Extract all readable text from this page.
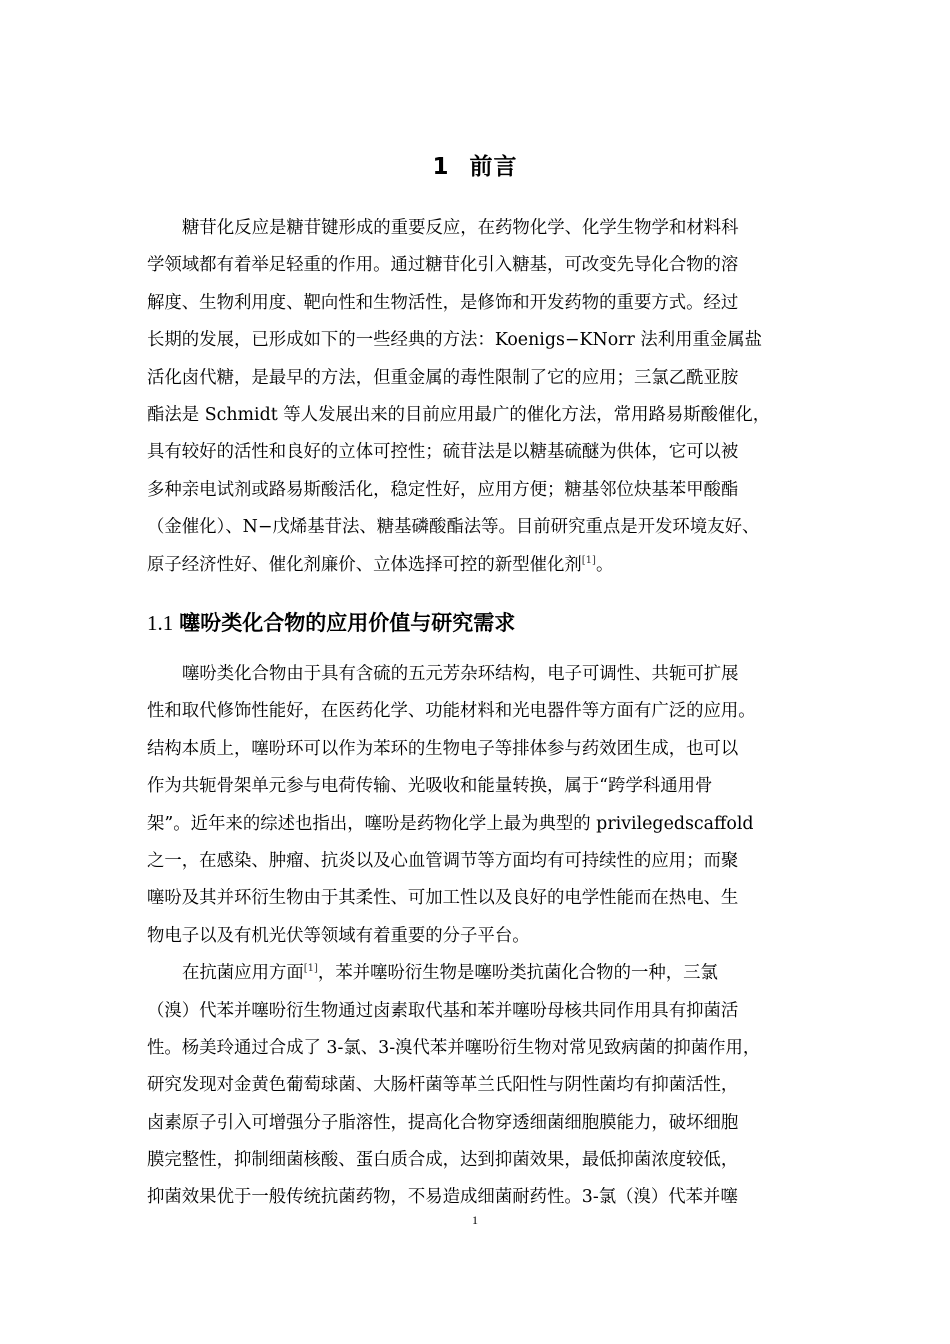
1 前言
糖苷化反应是糖苷键形成的重要反应，在药物化学、化学生物学和材料科
学领域都有着举足轻重的作用。通过糖苷化引入糖基，可改变先导化合物的溶
解度、生物利用度、靶向性和生物活性，是修饰和开发药物的重要方式。经过
长期的发展，已形成如下的一些经典的方法：Koenigs−KNorr 法利用重金属盐
活化卤代糖，是最早的方法，但重金属的毒性限制了它的应用；三氯乙酰亚胺
酯法是 Schmidt 等人发展出来的目前应用最广的催化方法，常用路易斯酸催化，
具有较好的活性和良好的立体可控性；硫苷法是以糖基硫醚为供体，它可以被
多种亲电试剂或路易斯酸活化，稳定性好，应用方便；糖基邻位炔基苯甲酸酯
（金催化）、N−戊烯基苷法、糖基磷酸酯法等。目前研究重点是开发环境友好、
原子经济性好、催化剂廉价、立体选择可控的新型催化剂[1]。
1.1 噻吩类化合物的应用价值与研究需求
噻吩类化合物由于具有含硫的五元芳杂环结构，电子可调性、共轭可扩展
性和取代修饰性能好，在医药化学、功能材料和光电器件等方面有广泛的应用。
结构本质上，噻吩环可以作为苯环的生物电子等排体参与药效团生成，也可以
作为共轭骨架单元参与电荷传输、光吸收和能量转换，属于“跨学科通用骨
架”。近年来的综述也指出，噻吩是药物化学上最为典型的 privilegedscaffold
之一，在感染、肿瘤、抗炎以及心血管调节等方面均有可持续性的应用；而聚
噻吩及其并环衍生物由于其柔性、可加工性以及良好的电学性能而在热电、生
物电子以及有机光伏等领域有着重要的分子平台。
在抗菌应用方面[1]，苯并噻吩衍生物是噻吩类抗菌化合物的一种，三氯
（溴）代苯并噻吩衍生物通过卤素取代基和苯并噻吩母核共同作用具有抑菌活
性。杨美玲通过合成了 3-氯、3-溴代苯并噻吩衍生物对常见致病菌的抑菌作用，
研究发现对金黄色葡萄球菌、大肠杆菌等革兰氏阳性与阴性菌均有抑菌活性，
卤素原子引入可增强分子脂溶性，提高化合物穿透细菌细胞膜能力，破坏细胞
膜完整性，抑制细菌核酸、蛋白质合成，达到抑菌效果，最低抑菌浓度较低，
抑菌效果优于一般传统抗菌药物，不易造成细菌耐药性。3-氯（溴）代苯并噻
1
